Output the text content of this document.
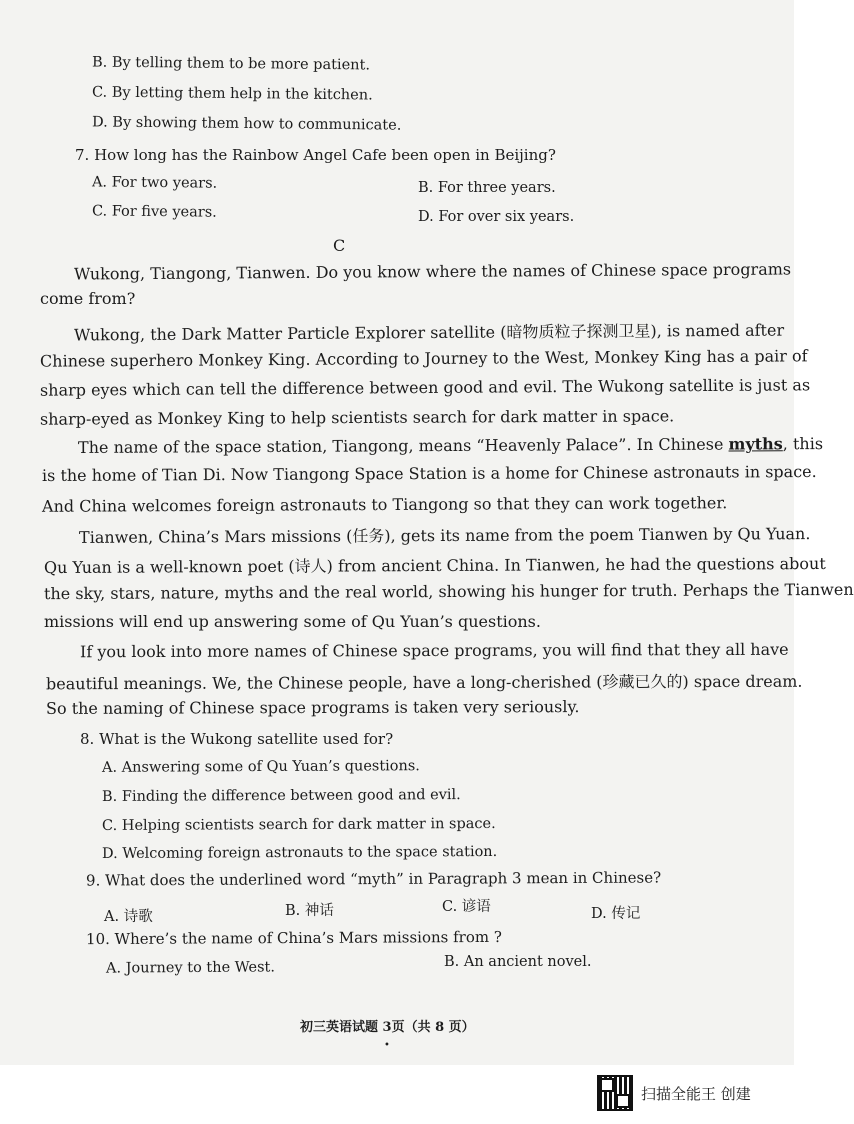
B. By telling them to be more patient.
C. By letting them help in the kitchen.
D. By showing them how to communicate.
7. How long has the Rainbow Angel Cafe been open in Beijing?
A. For two years.	B. For three years.
C. For five years.	D. For over six years.
C
Wukong, Tiangong, Tianwen. Do you know where the names of Chinese space programs
come from?
Wukong, the Dark Matter Particle Explorer satellite (暗物质粒子探测卫星), is named after
Chinese superhero Monkey King. According to Journey to the West, Monkey King has a pair of
sharp eyes which can tell the difference between good and evil. The Wukong satellite is just as
sharp-eyed as Monkey King to help scientists search for dark matter in space.
The name of the space station, Tiangong, means “Heavenly Palace”. In Chinese myths, this
is the home of Tian Di. Now Tiangong Space Station is a home for Chinese astronauts in space.
And China welcomes foreign astronauts to Tiangong so that they can work together.
Tianwen, China’s Mars missions (任务), gets its name from the poem Tianwen by Qu Yuan.
Qu Yuan is a well-known poet (诗人) from ancient China. In Tianwen, he had the questions about
the sky, stars, nature, myths and the real world, showing his hunger for truth. Perhaps the Tianwen
missions will end up answering some of Qu Yuan’s questions.
If you look into more names of Chinese space programs, you will find that they all have
beautiful meanings. We, the Chinese people, have a long-cherished (珍藏已久的) space dream.
So the naming of Chinese space programs is taken very seriously.
8. What is the Wukong satellite used for?
A. Answering some of Qu Yuan’s questions.
B. Finding the difference between good and evil.
C. Helping scientists search for dark matter in space.
D. Welcoming foreign astronauts to the space station.
9. What does the underlined word “myth” in Paragraph 3 mean in Chinese?
A. 诗歌	B. 神话	C. 谚语	D. 传记
10. Where’s the name of China’s Mars missions from ?
A. Journey to the West.	B. An ancient novel.
初三英语试题 3页（共 8 页）
•
扫描全能王 创建
